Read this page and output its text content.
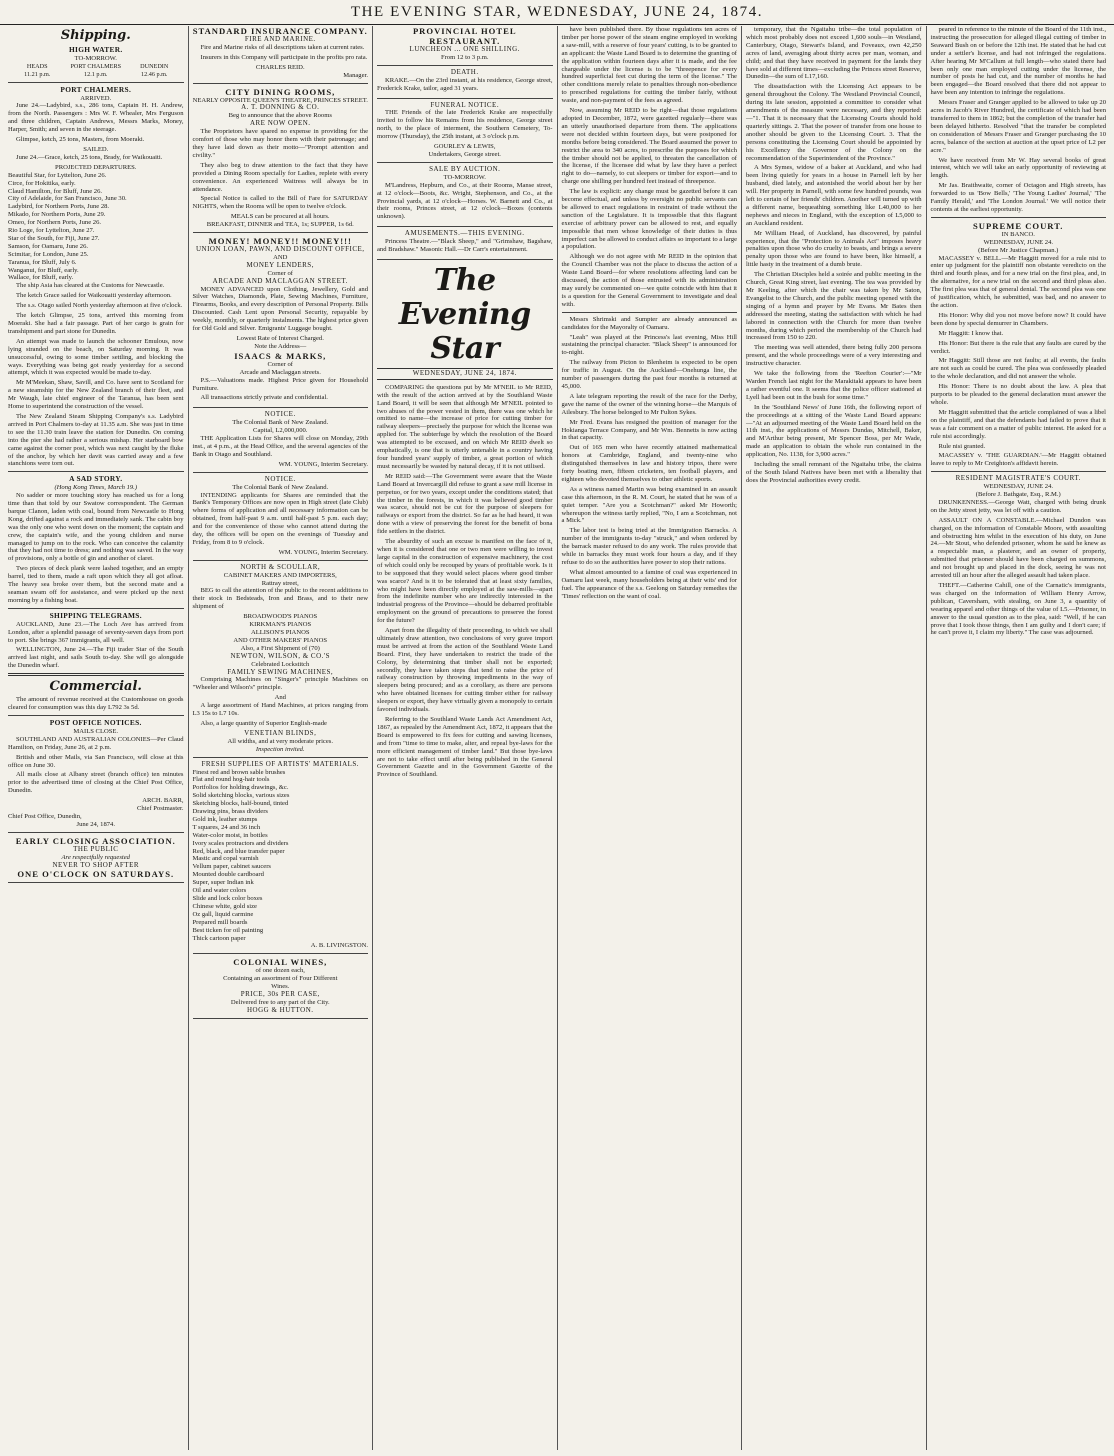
THE EVENING STAR, WEDNESDAY, JUNE 24, 1874.
Shipping.
HIGH WATER.
TO-MORROW.
HEADS
11.21 p.m.
PORT CHALMERS
12.1 p.m.
DUNEDIN
12.46 p.m.
PORT CHALMERS.
ARRIVED.

June 24.—Ladybird, s.s., 286 tons, Captain H. H. Andrew, from the North. Passengers : Mrs W. F. Whealer, Mrs Ferguson and three children, Captain Andrews, Messrs Marks, Money, Harper, Smith; and seven in the steerage.

Glimpse, ketch, 25 tons, Masters, from Moeraki.

SAILED.

June 24.—Grace, ketch, 25 tons, Brady, for Waikouaiti.

PROJECTED DEPARTURES.
Beautiful Star, for Lyttelton, June 26.
Circe, for Hokitika, early.
Claud Hamilton, for Bluff, June 26.
City of Adelaide, for San Francisco, June 30.
Ladybird, for Northern Ports, June 28.
Mikado, for Northern Ports, June 29.
Omeo, for Northern Ports, June 26.
Rio Loge, for Lyttelton, June 27.
Star of the South, for Fiji, June 27.
Samson, for Oamaru, June 26.
Scimitar, for London, June 25.
Taranua, for Bluff, July 6.
Wanganui, for Bluff, early.
Wallace, for Bluff, early.

The ship Asia has cleared at the Customs for Newcastle.

The ketch Grace sailed for Waikouaiti yesterday afternoon.

The s.s. Otago sailed North yesterday afternoon at five o'clock.

The ketch Glimpse, 25 tons, arrived this morning from Moeraki. She had a fair passage. Part of her cargo is grain for transhipment and part stone for Dunedin.

An attempt was made to launch the schooner Emulous, now lying stranded on the beach, on Saturday morning. It was unsuccessful, owing to some timber settling, and blocking the ways. Everything was being got ready yesterday for a second attempt, which it was expected would be made to-day.

Mr M'Meekan, Shaw, Savill, and Co. have sent to Scotland for a new steamship for the New Zealand branch of their fleet, and Mr Waugh, late chief engineer of the Taranua, has been sent Home to superintend the construction of the vessel.

The New Zealand Steam Shipping Company's s.s. Ladybird arrived in Port Chalmers to-day at 11.35 a.m. She was just in time to see the 11.30 train leave the station for Dunedin. On coming into the pier she had rather a serious mishap. Her starboard bow came against the corner post, which was next caught by the fluke of the anchor, by which her davit was carried away and a few stanchions were torn out.

A SAD STORY.
(Hong Kong Times, March 19.)

No sadder or more touching story has reached us for a long time than that told by our Swatow correspondent. The German barque Clanon, laden with coal, bound from Newcastle to Hong Kong, drifted against a rock and immediately sank. The cabin boy was the only one who went down on the moment; the captain and crew, the captain's wife, and the young children and nurse managed to jump on to the rock. Who can conceive the calamity that they had not time to dress; and nothing was saved. In the way of provisions, only a bottle of gin and another of claret.

Two pieces of deck plank were lashed together, and an empty barrel, tied to them, made a raft upon which they all got afloat. The heavy sea broke over them, but the second mate and a seaman swam off for assistance, and were picked up the next morning by a fishing boat.

SHIPPING TELEGRAMS.

AUCKLAND, June 23.—The Loch Ave has arrived from London, after a splendid passage of seventy-seven days from port to port. She brings 367 immigrants, all well.

WELLINGTON, June 24.—The Fiji trader Star of the South arrived last night, and sails South to-day. She will go alongside the Dunedin wharf.

Commercial.

The amount of revenue received at the Customhouse on goods cleared for consumption was this day L792 3s 5d.

POST OFFICE NOTICES.
MAILS CLOSE.

SOUTHLAND AND AUSTRALIAN COLONIES—Per Claud Hamilton, on Friday, June 26, at 2 p.m.

British and other Mails, via San Francisco, will close at this office on June 30.

All mails close at Albany street (branch office) ten minutes prior to the advertised time of closing at the Chief Post Office, Dunedin.

ARCH. BARR,
Chief Postmaster.
Chief Post Office, Dunedin,
June 24, 1874.
EARLY CLOSING ASSOCIATION.
THE PUBLIC
Are respectfully requested
NEVER TO SHOP AFTER
ONE O'CLOCK ON SATURDAYS.
STANDARD INSURANCE COMPANY.
FIRE AND MARINE.

Fire and Marine risks of all descriptions taken at current rates.

Insurers in this Company will participate in the profits pro rata.

CHARLES REID.
Manager.
CITY DINING ROOMS,
NEARLY OPPOSITE QUEEN'S THEATRE, PRINCES STREET.
A. T. DONNING & CO.
Beg to announce that the above Rooms
ARE NOW OPEN.

The Proprietors have spared no expense in providing for the comfort of those who may honor them with their patronage; and they have laid down as their motto—"Prompt attention and civility."

They also beg to draw attention to the fact that they have provided a Dining Room specially for Ladies, replete with every convenience. An experienced Waitress will always be in attendance.

Special Notice is called to the Bill of Fare for SATURDAY NIGHTS, when the Rooms will be open to twelve o'clock.

MEALS can be procured at all hours.
BREAKFAST, DINNER and TEA, 1s; SUPPER, 1s 6d.
MONEY! MONEY!! MONEY!!!
UNION LOAN, PAWN, AND DISCOUNT OFFICE,
AND
MONEY LENDERS,
Corner of
ARCADE AND MACLAGGAN STREET.

MONEY ADVANCED upon Clothing, Jewellery, Gold and Silver Watches, Diamonds, Plate, Sewing Machines, Furniture, Firearms, Books, and every description of Personal Property. Bills Discounted. Cash Lent upon Personal Security, repayable by weekly, monthly, or quarterly instalments. The highest price given for Old Gold and Silver. Emigrants' Luggage bought.

Lowest Rate of Interest Charged.
Note the Address—
ISAACS & MARKS,
Corner of
Arcade and Maclaggan streets.

P.S.—Valuations made. Highest Price given for Household Furniture.

All transactions strictly private and confidential.

NOTICE.
The Colonial Bank of New Zealand.
Capital, L2,000,000.

THE Application Lists for Shares will close on Monday, 29th inst., at 4 p.m., at the Head Office, and the several agencies of the Bank in Otago and Southland.

WM. YOUNG, Interim Secretary.
NOTICE.
The Colonial Bank of New Zealand.

INTENDING applicants for Shares are reminded that the Bank's Temporary Offices are now open in High street (late Club) where forms of application and all necessary information can be obtained, from half-past 9 a.m. until half-past 5 p.m. each day; and for the convenience of those who cannot attend during the day, the offices will be open on the evenings of Tuesday and Friday, from 8 to 9 o'clock.

WM. YOUNG, Interim Secretary.
NORTH & SCOULLAR,
CABINET MAKERS AND IMPORTERS,
Rattray street,

BEG to call the attention of the public to the recent additions to their stock in Bedsteads, Iron and Brass, and to their new shipment of

BROADWOOD'S PIANOS
KIRKMAN'S PIANOS
ALLISON'S PIANOS
AND OTHER MAKERS' PIANOS
Also, a First Shipment of (70)
NEWTON, WILSON, & CO.'S
Celebrated Lockstitch
FAMILY SEWING MACHINES,

Comprising Machines on "Singer's" principle Machines on "Wheeler and Wilson's" principle.

And

A large assortment of Hand Machines, at prices ranging from L3 15s to L7 10s.

Also, a large quantity of Superior English-made

VENETIAN BLINDS,
All widths, and at very moderate prices.
Inspection invited.
FRESH SUPPLIES OF ARTISTS' MATERIALS.
Finest red and brown sable brushes
Flat and round hog-hair tools
Portfolios for holding drawings, &c.
Solid sketching blocks, various sizes
Sketching blocks, half-bound, tinted
Drawing pins, brass dividers
Gold ink, leather stumps
T squares, 24 and 36 inch
Water-color moist, in bottles
Ivory scales protractors and dividers
Red, black, and blue transfer paper
Mastic and copal varnish
Vellum paper, cabinet saucers
Mounted double cardboard
Super, super Indian ink
Oil and water colors
Slide and lock color boxes
Chinese white, gold size
Oz gall, liquid carmine
Prepared mill boards
Best ticken for oil painting
Thick cartoon paper
A. B. LIVINGSTON.
COLONIAL WINES,
of one dozen each,
Containing an assortment of Four Different
Wines.
PRICE, 30s PER CASE,
Delivered free to any part of the City.
HOGG & HUTTON.
PROVINCIAL HOTEL RESTAURANT.
LUNCHEON ... ONE SHILLING.
From 12 to 3 p.m.
DEATH.

KRAKE.—On the 23rd instant, at his residence, George street, Frederick Krake, tailor, aged 31 years.

FUNERAL NOTICE.

THE Friends of the late Frederick Krake are respectfully invited to follow his Remains from his residence, George street north, to the place of interment, the Southern Cemetery, To-morrow (Thursday), the 25th instant, at 3 o'clock p.m.

GOURLEY & LEWIS,
Undertakers, George street.
SALE BY AUCTION.
TO-MORROW.

M'Landress, Hepburn, and Co., at their Rooms, Manse street, at 12 o'clock—Boots, &c. Wright, Stephenson, and Co., at the Provincial yards, at 12 o'clock—Horses. W. Barnett and Co., at their rooms, Princes street, at 12 o'clock—Boxes (contents unknown).

AMUSEMENTS.—THIS EVENING.

Princess Theatre.—"Black Sheep," and "Grimshaw, Bagshaw, and Bradshaw." Masonic Hall.—Dr Carr's entertainment.

The Evening Star
WEDNESDAY, JUNE 24, 1874.

COMPARING the questions put by Mr M'NEIL to Mr REID, with the result of the action arrived at by the Southland Waste Land Board, it will be seen that although Mr M'NEIL pointed to two abuses of the power vested in them, there was one which he omitted to name—the increase of price for cutting timber for railway sleepers—precisely the purpose for which the license was applied for. The subterfuge by which the resolution of the Board was attempted to be excused, and on which Mr REID dwelt so emphatically, is one that is utterly untenable in a country having four hundred years' supply of timber, a great portion of which must necessarily be wasted by natural decay, if it is not utilised.

Mr REID said:—The Government were aware that the Waste Land Board at Invercargill did refuse to grant a saw mill license in perpetuo, or for two years, except under the conditions stated; that the timber in the forests, in which it was believed good timber was scarce, should not be cut for the purpose of sleepers for railways or export from the district. So far as he had heard, it was done with a view of preserving the forest for the benefit of bona fide settlers in the district.

The absurdity of such an excuse is manifest on the face of it, when it is considered that one or two men were willing to invest large capital in the construction of expensive machinery, the cost of which could only be recouped by years of profitable work. Is it to be supposed that they would select places where good timber was scarce? And is it to be tolerated that at least sixty families, who might have been directly employed at the saw-mills—apart from the indefinite number who are indirectly interested in the industrial progress of the Province—should be debarred profitable employment on the ground of precautions to preserve the forest for the future?

Apart from the illegality of their proceeding, to which we shall ultimately draw attention, two conclusions of very grave import must be arrived at from the action of the Southland Waste Land Board. First, they have undertaken to restrict the trade of the Colony, by determining that timber shall not be exported; secondly, they have taken steps that tend to raise the price of railway construction by throwing impediments in the way of sleepers being procured; and as a corollary, as there are persons who have obtained licenses for cutting timber either for railway sleepers or export, they have virtually given a monopoly to certain favored individuals.

Referring to the Southland Waste Lands Act Amendment Act, 1867, as repealed by the Amendment Act, 1872, it appears that the Board is empowered to fix fees for cutting and sawing licenses, and from "time to time to make, alter, and repeal bye-laws for the more efficient management of timber land." But those bye-laws are not to take effect until after being published in the General Government Gazette and in the Government Gazette of the Province of Southland.

have been published there. By those regulations ten acres of timber per horse power of the steam engine employed in working a saw-mill, with a reserve of four years' cutting, is to be granted to an applicant: the Waste Land Board is to determine the granting of the application within fourteen days after it is made, and the fee chargeable under the license is to be "threepence for every hundred superficial feet cut during the term of the license." The other conditions merely relate to penalties through non-obedience to prescribed regulations for cutting the timber fairly, without waste, and non-payment of the fees as agreed.

Now, assuming Mr REID to be right—that those regulations adopted in December, 1872, were gazetted regularly—there was an utterly unauthorised departure from them. The applications were not decided within fourteen days, but were postponed for months before being considered. The Board assumed the power to restrict the area to 340 acres, to prescribe the purposes for which the timber should not be applied, to threaten the cancellation of the license, if the licensee did what by law they have a perfect right to do—namely, to cut sleepers or timber for export—and to charge one shilling per hundred feet instead of threepence.

The law is explicit: any change must be gazetted before it can become effectual, and unless by oversight no public servants can be allowed to enact regulations in restraint of trade without the sanction of the Legislature. It is impossible that this flagrant exercise of arbitrary power can be allowed to rest, and equally impossible that men whose knowledge of their duties is thus imperfect can be allowed to conduct affairs so important to a large a population.

Although we do not agree with Mr REID in the opinion that the Council Chamber was not the place to discuss the action of a Waste Land Board—for where resolutions affecting land can be discussed, the action of those entrusted with its administration may surely be commented on—we quite coincide with him that it is a question for the General Government to investigate and deal with.

Messrs Shrimski and Sumpter are already announced as candidates for the Mayoralty of Oamaru.

"Leah" was played at the Princess's last evening, Miss Hill sustaining the principal character. "Black Sheep" is announced for to-night.

The railway from Picton to Blenheim is expected to be open for traffic in August. On the Auckland—Onehunga line, the number of passengers during the past four months is returned at 45,000.

A late telegram reporting the result of the race for the Derby, gave the name of the owner of the winning horse—the Marquis of Ailesbury. The horse belonged to Mr Fulton Sykes.

Mr Fred. Evans has resigned the position of manager for the Hokianga Terrace Company, and Mr Wm. Bennetts is now acting in that capacity.

Out of 165 men who have recently attained mathematical honors at Cambridge, England, and twenty-nine who distinguished themselves in law and history tripos, there were forty boating men, fifteen cricketers, ten football players, and eighteen who devoted themselves to other athletic sports.

As a witness named Martin was being examined in an assault case this afternoon, in the R. M. Court, he stated that he was of a quiet temper. "Are you a Scotchman?" asked Mr Howorth; whereupon the witness tartly replied, "No, I am a Scotchman, not a Mick."

The labor test is being tried at the Immigration Barracks. A number of the immigrants to-day "struck," and when ordered by the barrack master refused to do any work. The rules provide that while in barracks they must work four hours a day, and if they refuse to do so the authorities have power to stop their rations.

What almost amounted to a famine of coal was experienced in Oamaru last week, many householders being at their wits' end for fuel. The appearance of the s.s. Geelong on Saturday remedies the 'Times' reflection on the want of coal.

temporary, that the Ngaitahu tribe—the total population of which most probably does not exceed 1,600 souls—in Westland, Canterbury, Otago, Stewart's Island, and Foveaux, own 42,250 acres of land, averaging about thirty acres per man, woman, and child; and that they have received in payment for the lands they have sold at different times—excluding the Princes street Reserve, Dunedin—the sum of L17,160.

The dissatisfaction with the Licensing Act appears to be general throughout the Colony. The Westland Provincial Council, during its late session, appointed a committee to consider what amendments of the measure were necessary, and they reported:—"1. That it is necessary that the Licensing Courts should hold quarterly sittings. 2. That the power of transfer from one house to another should be given to the Licensing Court. 3. That the persons constituting the Licensing Court should be appointed by his Excellency the Governor of the Colony on the recommendation of the Superintendent of the Province."

A Mrs Symes, widow of a baker at Auckland, and who had been living quietly for years in a house in Parnell left by her husband, died lately, and astonished the world about her by her will. Her property in Parnell, with some few hundred pounds, was left to certain of her friends' children. Another will turned up with a different name, bequeathing something like L40,000 to her nephews and nieces in England, with the exception of L5,000 to an Auckland resident.

Mr William Head, of Auckland, has discovered, by painful experience, that the "Protection to Animals Act" imposes heavy penalties upon those who do cruelty to beasts, and brings a severe penalty upon those who are found to have been, like himself, a little hasty in the treatment of a dumb brute.

The Christian Disciples held a soirée and public meeting in the Church, Great King street, last evening. The tea was provided by Mr Keeling, after which the chair was taken by Mr Saton, Evangelist to the Church, and the public meeting opened with the singing of a hymn and prayer by Mr Evans. Mr Bates then addressed the meeting, stating the satisfaction with which he had labored in connection with the Church for more than twelve months, during which period the membership of the Church had increased from 150 to 220.

The meeting was well attended, there being fully 200 persons present, and the whole proceedings were of a very interesting and instructive character.

We take the following from the 'Reefton Courier':—"Mr Warden French last night for the Marakitaki appears to have been a rather eventful one. It seems that the police officer stationed at Lyell had been out in the bush for some time."

In the 'Southland News' of June 16th, the following report of the proceedings at a sitting of the Waste Land Board appears:—"At an adjourned meeting of the Waste Land Board held on the 11th inst., the applications of Messrs Dundas, Mitchell, Baker, and M'Arthur being present, Mr Spencer Boss, per Mr Wade, made an application to obtain the whole run contained in the application, No. 1138, for 3,900 acres."

Including the small remnant of the Ngaitahu tribe, the claims of the South Island Natives have been met with a liberality that does the Provincial authorities every credit.

peared in reference to the minute of the Board of the 11th inst., instructing the prosecution for alleged illegal cutting of timber in Seaward Bush on or before the 12th inst. He stated that he had cut under a settler's license, and had not infringed the regulations. After hearing Mr M'Callum at full length—who stated there had been only one man employed cutting under the license, the number of posts he had cut, and the number of months he had been engaged—the Board resolved that there did not appear to have been any intention to infringe the regulations.

Messrs Fraser and Granger applied to be allowed to take up 20 acres in Jacob's River Hundred, the certificate of which had been transferred to them in 1862; but the completion of the transfer had been delayed hitherto. Resolved "that the transfer be completed on consideration of Messrs Fraser and Granger purchasing the 10 acres, balance of the section at auction at the upset price of L2 per acre."

We have received from Mr W. Hay several books of great interest, which we will take an early opportunity of reviewing at length.

Mr Jas. Braithwaite, corner of Octagon and High streets, has forwarded to us 'Bow Bells,' 'The Young Ladies' Journal,' 'The Family Herald,' and 'The London Journal.' We will notice their contents at the earliest opportunity.

SUPREME COURT.
IN BANCO.
WEDNESDAY, JUNE 24.
(Before Mr Justice Chapman.)

MACASSEY v. BELL.—Mr Haggitt moved for a rule nisi to enter up judgment for the plaintiff non obstante veredicto on the third and fourth pleas, and for a new trial on the first plea, and, in the alternative, for a new trial on the second and third pleas also. The first plea was that of general denial. The second plea was one of justification, which, he submitted, was bad, and no answer to the action.

His Honor: Why did you not move before now? It could have been done by special demurrer in Chambers.

Mr Haggitt: I know that.

His Honor: But there is the rule that any faults are cured by the verdict.

Mr Haggitt: Still those are not faults; at all events, the faults are not such as could be cured. The plea was confessedly pleaded to the whole declaration, and did not answer the whole.

His Honor: There is no doubt about the law. A plea that purports to be pleaded to the general declaration must answer the whole.

Mr Haggitt submitted that the article complained of was a libel on the plaintiff, and that the defendants had failed to prove that it was a fair comment on a matter of public interest. He asked for a rule nisi accordingly.

Rule nisi granted.

MACASSEY v. 'THE GUARDIAN.'—Mr Haggitt obtained leave to reply to Mr Creighton's affidavit herein.

RESIDENT MAGISTRATE'S COURT.
WEDNESDAY, JUNE 24.
(Before J. Bathgate, Esq., R.M.)

DRUNKENNESS.—George Watt, charged with being drunk on the Jetty street jetty, was let off with a caution.

ASSAULT ON A CONSTABLE.—Michael Dundon was charged, on the information of Constable Moore, with assaulting and obstructing him whilst in the execution of his duty, on June 24.—Mr Stout, who defended prisoner, whom he said he knew as a respectable man, a plasterer, and an owner of property, submitted that prisoner should have been charged on summons, and not brought up and placed in the dock, seeing he was not arrested till an hour after the alleged assault had taken place.

THEFT.—Catherine Cahill, one of the Carnatic's immigrants, was charged on the information of William Henry Arrow, publican, Caversham, with stealing, on June 3, a quantity of wearing apparel and other things of the value of L5.—Prisoner, in answer to the usual question as to the plea, said: "Well, if he can prove that I took those things, then I am guilty and I don't care; if he can't prove it, I claim my liberty." The case was adjourned.
